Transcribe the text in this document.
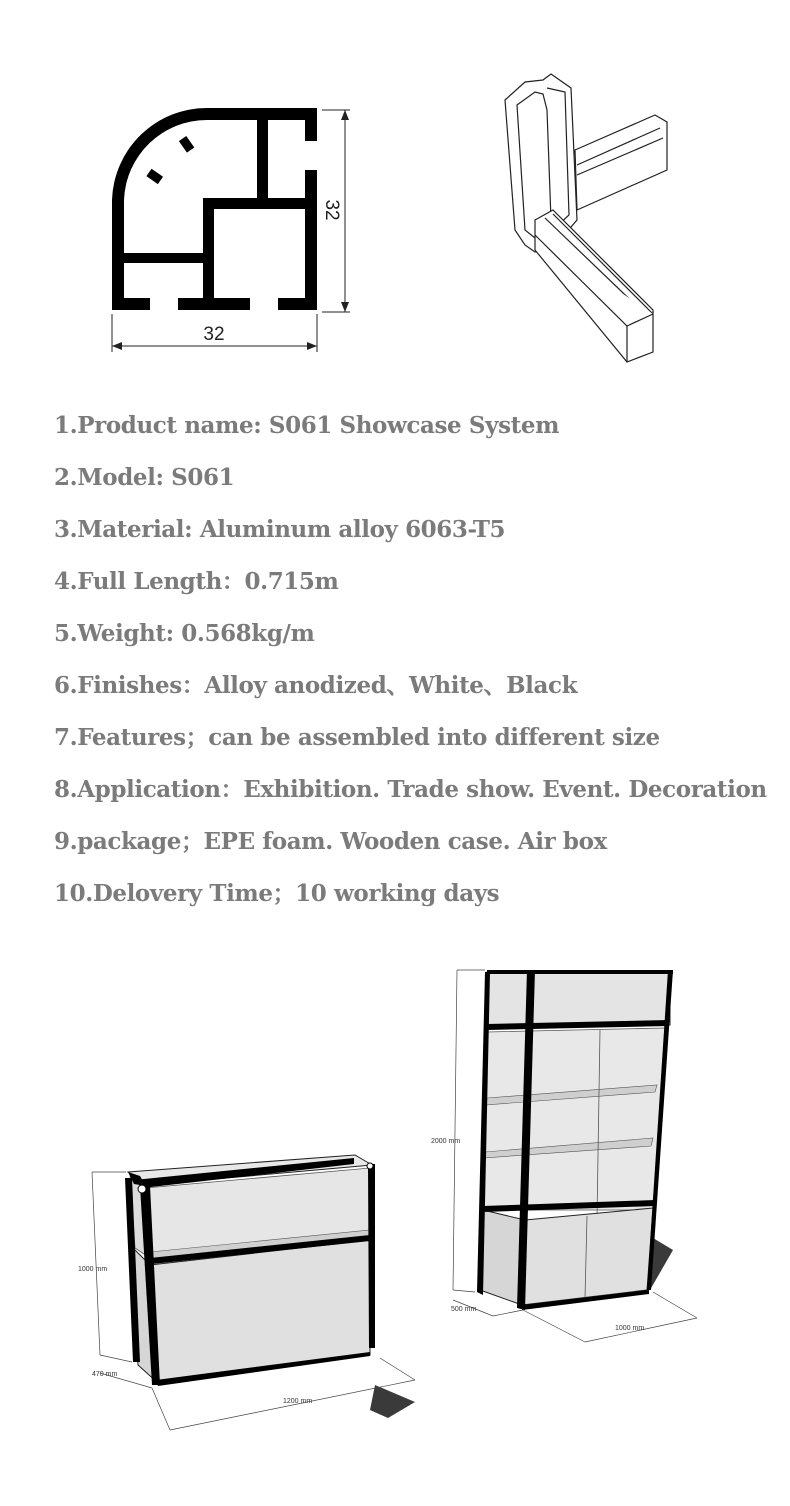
32
32
1.Product name: S061 Showcase System
2.Model: S061
3.Material: Aluminum alloy 6063-T5
4.Full Length：0.715m
5.Weight: 0.568kg/m
6.Finishes：Alloy anodized、White、Black
7.Features；can be assembled into different size
8.Application：Exhibition. Trade show. Event. Decoration
9.package；EPE foam. Wooden case. Air box
10.Delovery Time；10 working days
1000 mm
470 mm
1200 mm
2000 mm
500 mm
1000 mm
